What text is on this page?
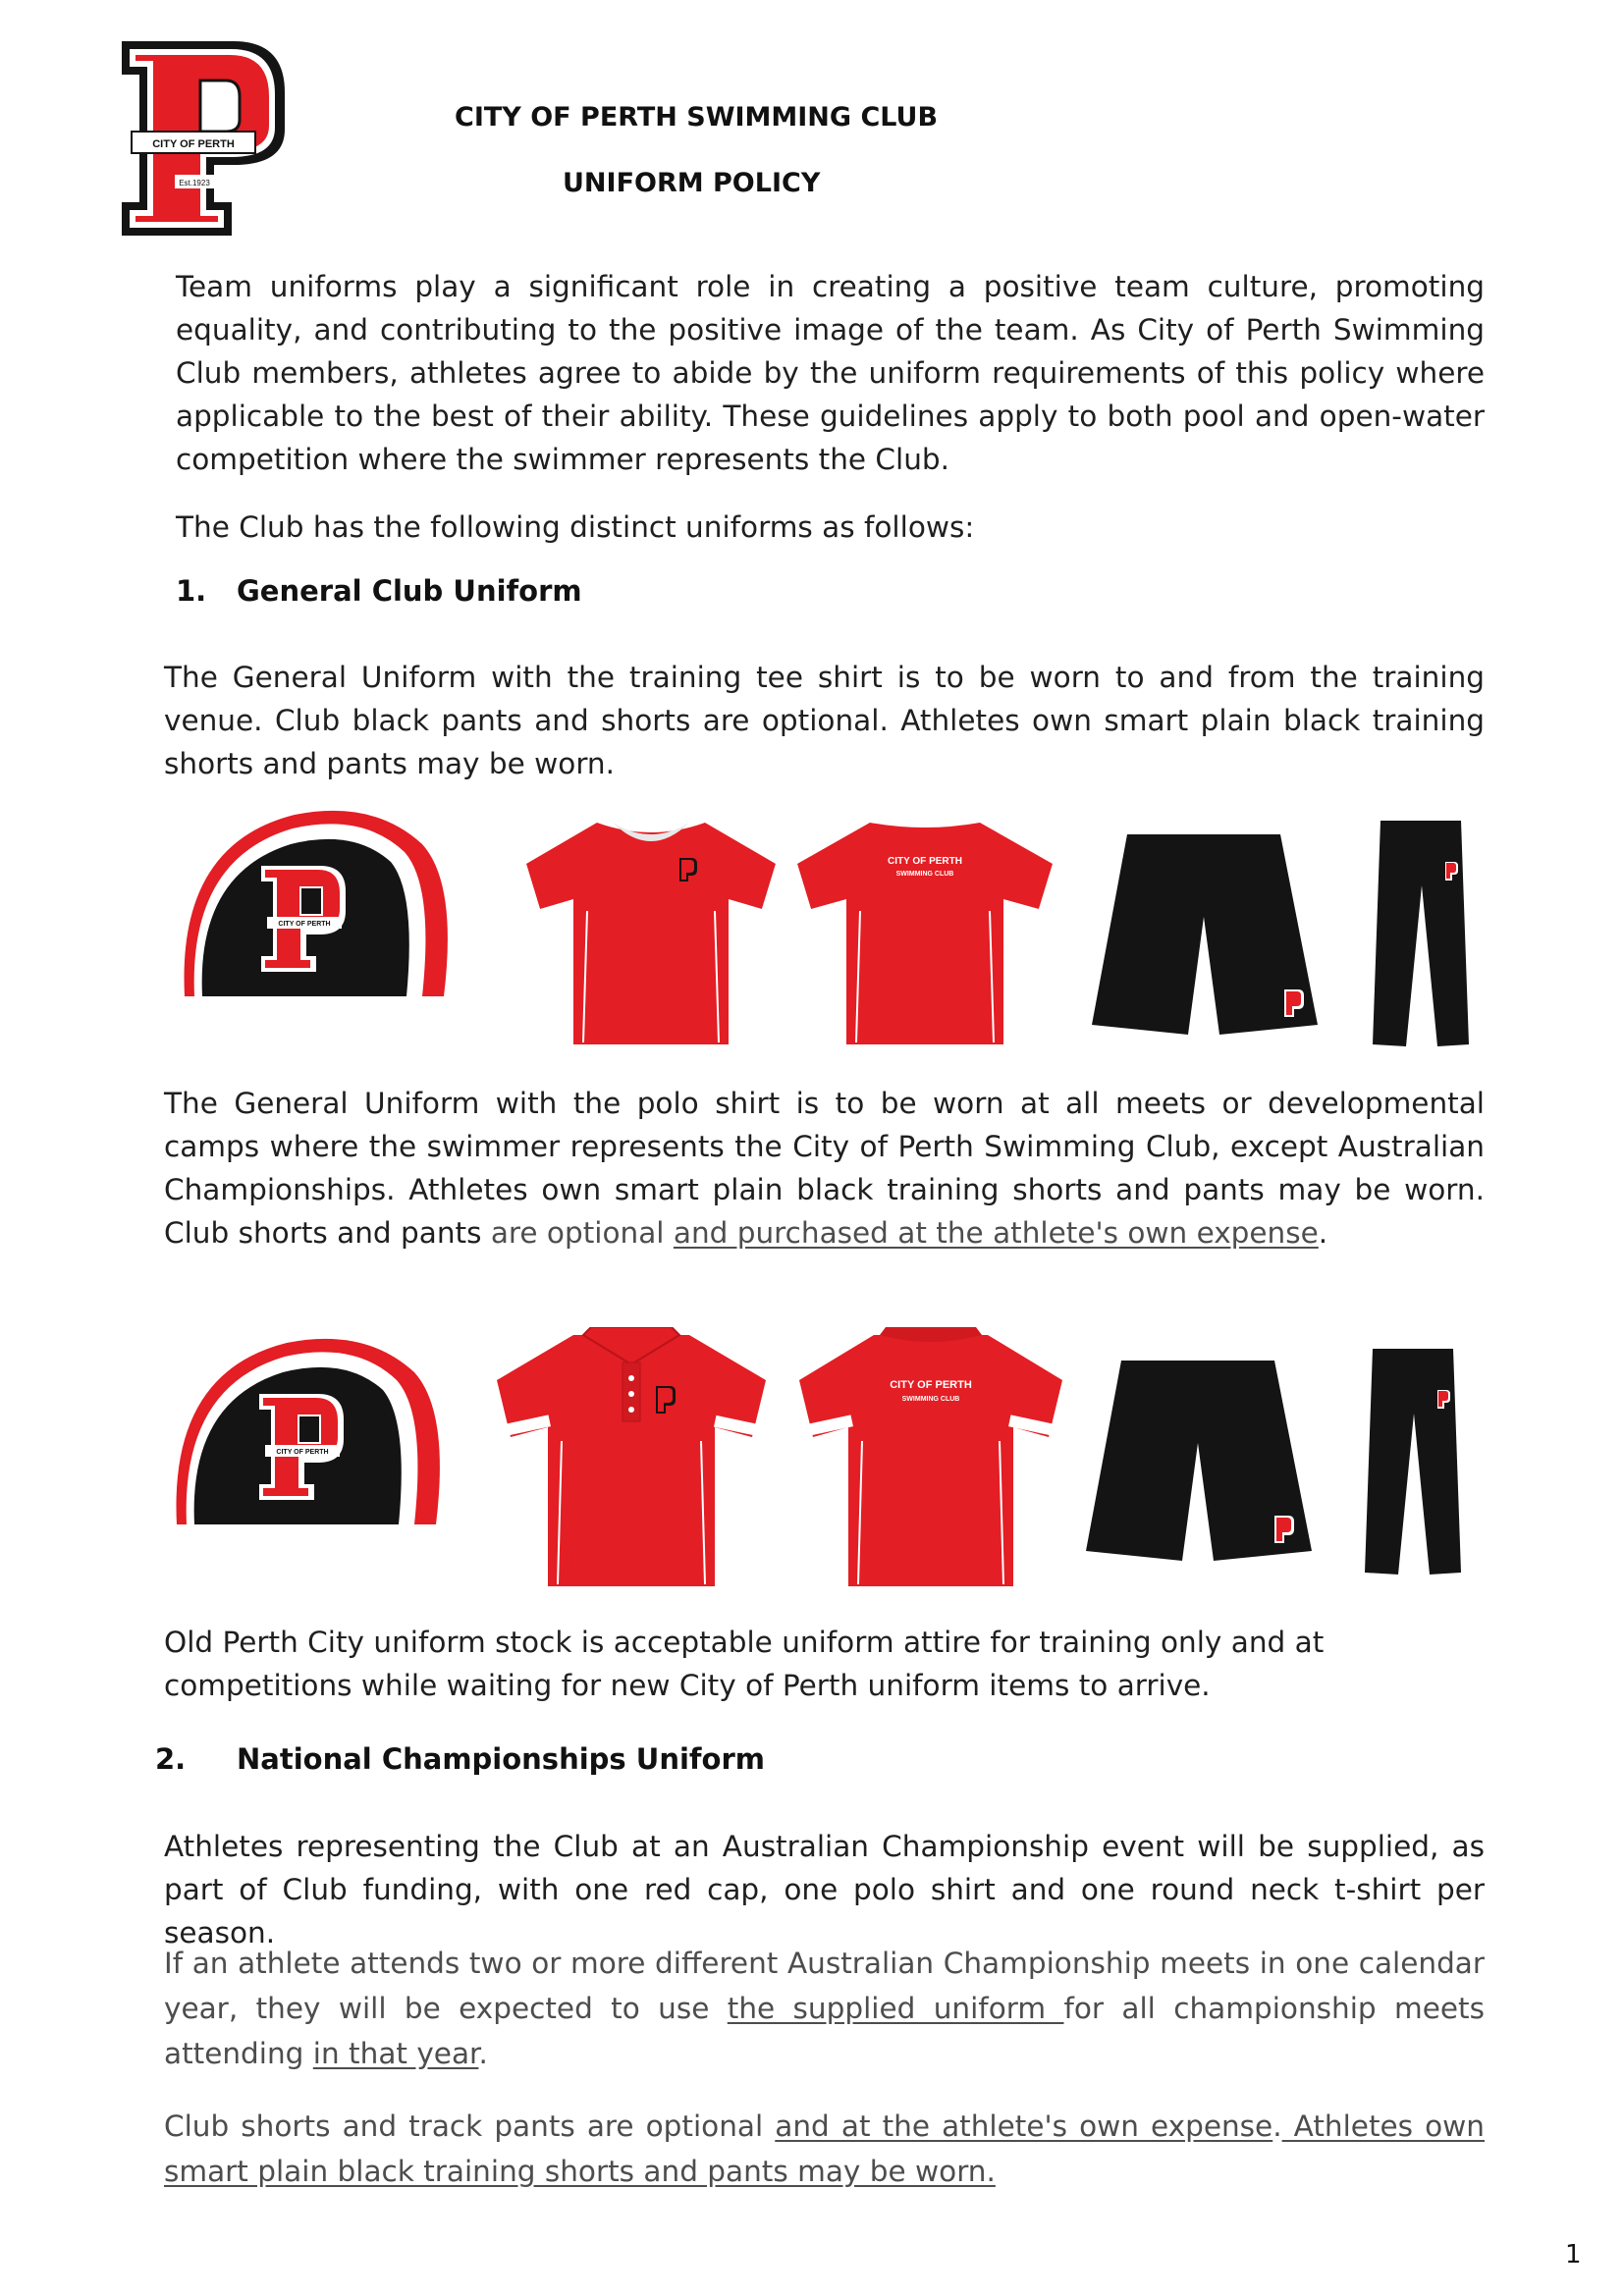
CITY OF PERTH
Est.1923
CITY OF PERTH SWIMMING CLUB
UNIFORM POLICY
Team uniforms play a significant role in creating a positive team culture, promoting equality, and contributing to the positive image of the team. As City of Perth Swimming Club members, athletes agree to abide by the uniform requirements of this policy where applicable to the best of their ability. These guidelines apply to both pool and open-water competition where the swimmer represents the Club.
The Club has the following distinct uniforms as follows:
1. General Club Uniform
The General Uniform with the training tee shirt is to be worn to and from the training venue. Club black pants and shorts are optional. Athletes own smart plain black training shorts and pants may be worn.
CITY OF PERTH
CITY OF PERTH
SWIMMING CLUB
The General Uniform with the polo shirt is to be worn at all meets or developmental camps where the swimmer represents the City of Perth Swimming Club, except Australian Championships. Athletes own smart plain black training shorts and pants may be worn. Club shorts and pants are optional and purchased at the athlete's own expense.
CITY OF PERTH
CITY OF PERTH
SWIMMING CLUB
Old Perth City uniform stock is acceptable uniform attire for training only and at competitions while waiting for new City of Perth uniform items to arrive.
2. National Championships Uniform
Athletes representing the Club at an Australian Championship event will be supplied, as part of Club funding, with one red cap, one polo shirt and one round neck t-shirt per season.
If an athlete attends two or more different Australian Championship meets in one calendar year, they will be expected to use the supplied uniform for all championship meets attending in that year.
Club shorts and track pants are optional and at the athlete's own expense. Athletes own smart plain black training shorts and pants may be worn.
1
